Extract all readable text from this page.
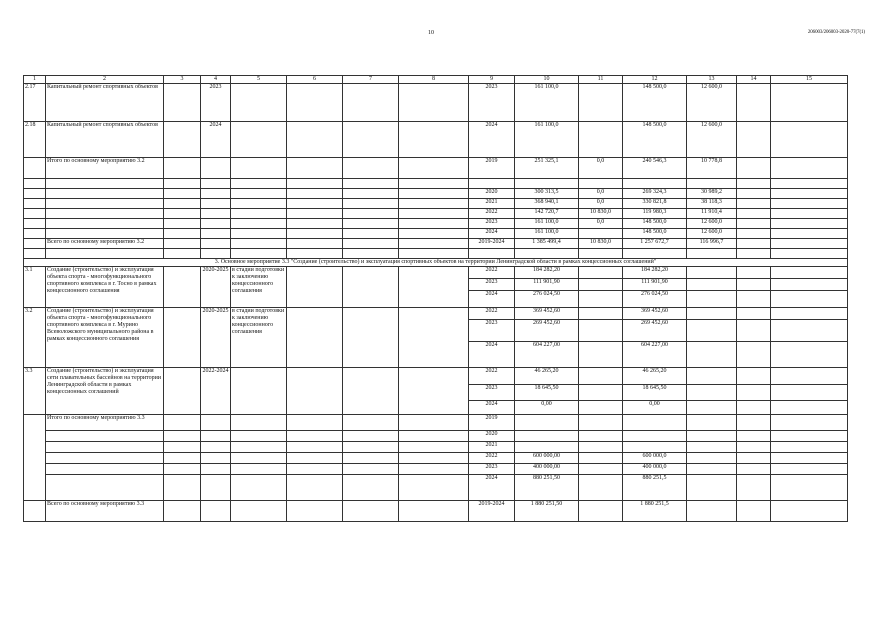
10	206003/206003-2020-77(7(1)
1	2	3	4	5	6	7	8	9	10	11	12	13	14	15
2.17	Капитальный ремонт спортивных объектов		2023					2023	161 100,0		148 500,0	12 600,0		
2.18	Капитальный ремонт спортивных объектов		2024					2024	161 100,0		148 500,0	12 600,0		
	Итого по основному мероприятию 3.2							2019	251 325,1	0,0	240 546,3	10 778,8		

								2020	300 313,5	0,0	269 324,3	30 989,2		
								2021	368 940,1	0,0	330 821,8	38 118,3		
								2022	142 720,7	10 830,0	119 980,3	11 910,4		
								2023	161 100,0	0,0	148 500,0	12 600,0		
								2024	161 100,0		148 500,0	12 600,0		
	Всего по основному мероприятию 3.2							2019-2024	1 385 499,4	10 830,0	1 257 672,7	116 996,7		

3. Основное мероприятие 3.3 "Создание (строительство) и эксплуатация спортивных объектов на территории Ленинградской области в рамках концессионных соглашений"														
3.1	Создание (строительство) и эксплуатация объекта спорта - многофункционального спортивного комплекса в г. Тосно в рамках концессионного соглашения		2020-2025	в стадии подготовки к заключению концессионного соглашения				2022	184 282,20		184 282,20			
								2023	111 901,90		111 901,90			
								2024	276 024,50		276 024,50			
3.2	Создание (строительство) и эксплуатация объекта спорта - многофункционального спортивного комплекса в г. Мурино Всеволожского муниципального района в рамках концессионного соглашения		2020-2025	в стадии подготовки к заключению концессионного соглашения				2022	369 452,60		369 452,60			
								2023	269 452,60		269 452,60			
								2024	604 227,00		604 227,00			
3.3	Создание (строительство) и эксплуатация сети плавательных бассейнов на территории Ленинградской области в рамках концессионных соглашений		2022-2024					2022	46 265,20		46 265,20			
								2023	18 645,50		18 645,50			
								2024	0,00		0,00			
	Итого по основному мероприятию 3.3							2019						
								2020						
								2021						
								2022	600 000,00		600 000,0			
								2023	400 000,00		400 000,0			
								2024	880 251,50		880 251,5			
	Всего по основному мероприятию 3.3							2019-2024	1 880 251,50		1 880 251,5			
